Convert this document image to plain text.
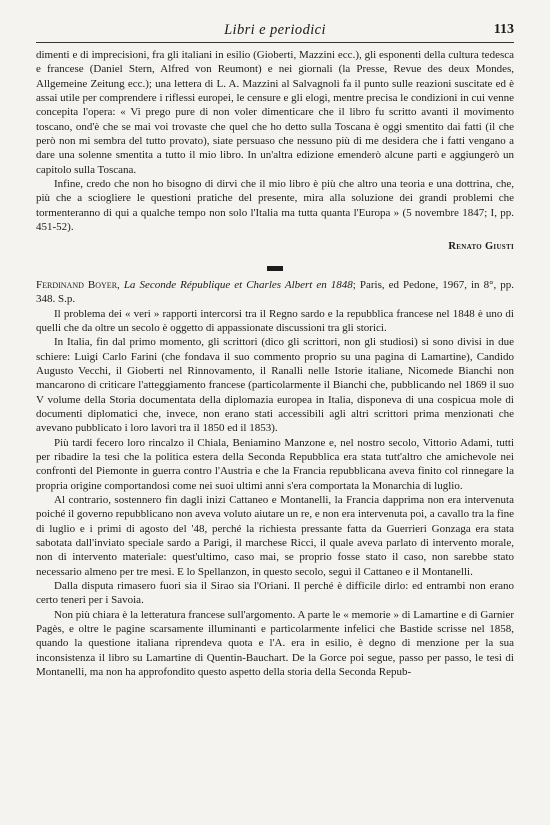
Libri e periodici	113

dimenti e di imprecisioni, fra gli italiani in esilio (Gioberti, Mazzini ecc.), gli esponenti della cultura tedesca e francese (Daniel Stern, Alfred von Reumont) e nei giornali (la Presse, Revue des deux Mondes, Allgemeine Zeitung ecc.); una lettera di L. A. Mazzini al Salvagnoli fa il punto sulle reazioni suscitate ed è assai utile per comprendere i riflessi europei, le censure e gli elogi, mentre precisa le condizioni in cui venne concepita l'opera: « Vi prego pure di non voler dimenticare che il libro fu scritto avanti il movimento toscano, ond'è che se mai voi trovaste che quel che ho detto sulla Toscana è oggi smentito dai fatti (il che però non mi sembra del tutto provato), siate persuaso che nessuno più di me desidera che i fatti vengano a dare una solenne smentita a tutto il mio libro. In un'altra edizione emenderò alcune parti e aggiungerò un capitolo sulla Toscana.

Infine, credo che non ho bisogno di dirvi che il mio libro è più che altro una teoria e una dottrina, che, più che a sciogliere le questioni pratiche del presente, mira alla soluzione dei grandi problemi che tormenteranno di qui a qualche tempo non solo l'Italia ma tutta quanta l'Europa » (5 novembre 1847; I, pp. 451-52).

Renato Giusti

Ferdinand Boyer, La Seconde République et Charles Albert en 1848; Paris, ed Pedone, 1967, in 8°, pp. 348. S.p.

Il problema dei « veri » rapporti intercorsi tra il Regno sardo e la repubblica francese nel 1848 è uno di quelli che da oltre un secolo è oggetto di appassionate discussioni tra gli storici.

In Italia, fin dal primo momento, gli scrittori (dico gli scrittori, non gli studiosi) si sono divisi in due schiere: Luigi Carlo Farini (che fondava il suo commento proprio su una pagina di Lamartine), Candido Augusto Vecchi, il Gioberti nel Rinnovamento, il Ranalli nelle Istorie italiane, Nicomede Bianchi non mancarono di criticare l'atteggiamento francese (particolarmente il Bianchi che, pubblicando nel 1869 il suo V volume della Storia documentata della diplomazia europea in Italia, disponeva di una cospicua mole di documenti diplomatici che, invece, non erano stati accessibili agli altri scrittori prima menzionati che avevano pubblicato i loro lavori tra il 1850 ed il 1853).

Più tardi fecero loro rincalzo il Chiala, Beniamino Manzone e, nel nostro secolo, Vittorio Adami, tutti per ribadire la tesi che la politica estera della Seconda Repubblica era stata tutt'altro che amichevole nei confronti del Piemonte in guerra contro l'Austria e che la Francia repubblicana aveva finito col rinnegare la propria origine comportandosi come nei suoi ultimi anni s'era comportata la Monarchia di luglio.

Al contrario, sostennero fin dagli inizi Cattaneo e Montanelli, la Francia dapprima non era intervenuta poiché il governo repubblicano non aveva voluto aiutare un re, e non era intervenuta poi, a cavallo tra la fine di luglio e i primi di agosto del '48, perché la richiesta pressante fatta da Guerrieri Gonzaga era stata sabotata dall'inviato speciale sardo a Parigi, il marchese Ricci, il quale aveva parlato di intervento morale, non di intervento materiale: quest'ultimo, caso mai, se proprio fosse stato il caso, non sarebbe stato necessario almeno per tre mesi. E lo Spellanzon, in questo secolo, seguì il Cattaneo e il Montanelli.

Dalla disputa rimasero fuori sia il Sirao sia l'Oriani. Il perché è difficile dirlo: ed entrambi non erano certo teneri per i Savoia.

Non più chiara è la letteratura francese sull'argomento. A parte le « memorie » di Lamartine e di Garnier Pagès, e oltre le pagine scarsamente illuminanti e particolarmente infelici che Bastide scrisse nel 1858, quando la questione italiana riprendeva quota e l'A. era in esilio, è degno di menzione per la sua inconsistenza il libro su Lamartine di Quentin-Bauchart. De la Gorce poi segue, passo per passo, le tesi di Montanelli, ma non ha approfondito questo aspetto della storia della Seconda Repub-
